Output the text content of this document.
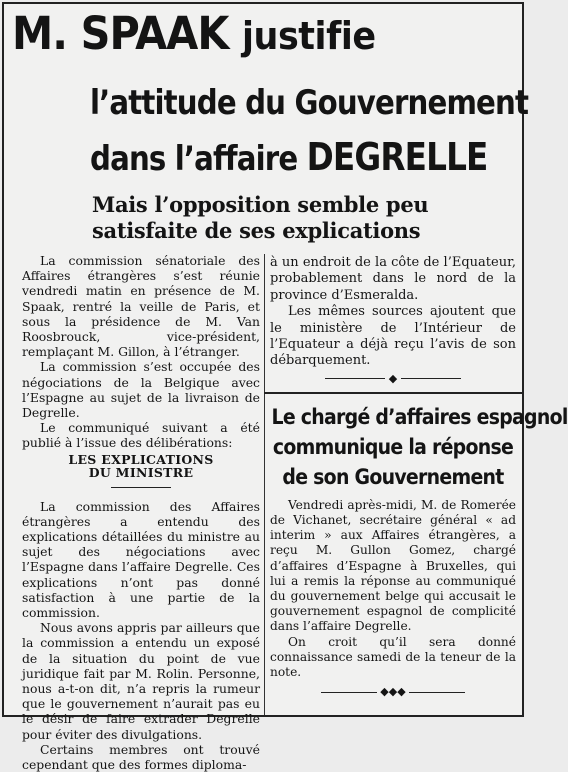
M. SPAAK justifie
l’attitude du Gouvernement
dans l’affaire DEGRELLE
Mais l’opposition semble peu satisfaite de ses explications

La commission sénatoriale des Affaires étrangères s’est réunie vendredi matin en présence de M. Spaak, rentré la veille de Paris, et sous la présidence de M. Van Roosbrouck, vice-président, remplaçant M. Gillon, à l’étranger.

La commission s’est occupée des négociations de la Belgique avec l’Espagne au sujet de la livraison de Degrelle.

Le communiqué suivant a été publié à l’issue des délibérations:

LES EXPLICATIONS
DU MINISTRE

La commission des Affaires étrangères a entendu des explications détaillées du ministre au sujet des négociations avec l’Espagne dans l’affaire Degrelle. Ces explications n’ont pas donné satisfaction à une partie de la commission.

Nous avons appris par ailleurs que la commission a entendu un exposé de la situation du point de vue juridique fait par M. Rolin. Personne, nous a-t-on dit, n’a repris la rumeur que le gouvernement n’aurait pas eu le désir de faire extrader Degrelle pour éviter des divulgations.

Certains membres ont trouvé cependant que des formes diploma-

à un endroit de la côte de l’Equateur, probablement dans le nord de la province d’Esmeralda.

Les mêmes sources ajoutent que le ministère de l’Intérieur de l’Equateur a déjà reçu l’avis de son débarquement.

◆
Le chargé d’affaires espagnol
communique la réponse
de son Gouvernement

Vendredi après-midi, M. de Romerée de Vichanet, secrétaire général « ad interim » aux Affaires étrangères, a reçu M. Gullon Gomez, chargé d’affaires d’Espagne à Bruxelles, qui lui a remis la réponse au communiqué du gouvernement belge qui accusait le gouvernement espagnol de complicité dans l’affaire Degrelle.

On croit qu’il sera donné connaissance samedi de la teneur de la note.

◆◆◆
